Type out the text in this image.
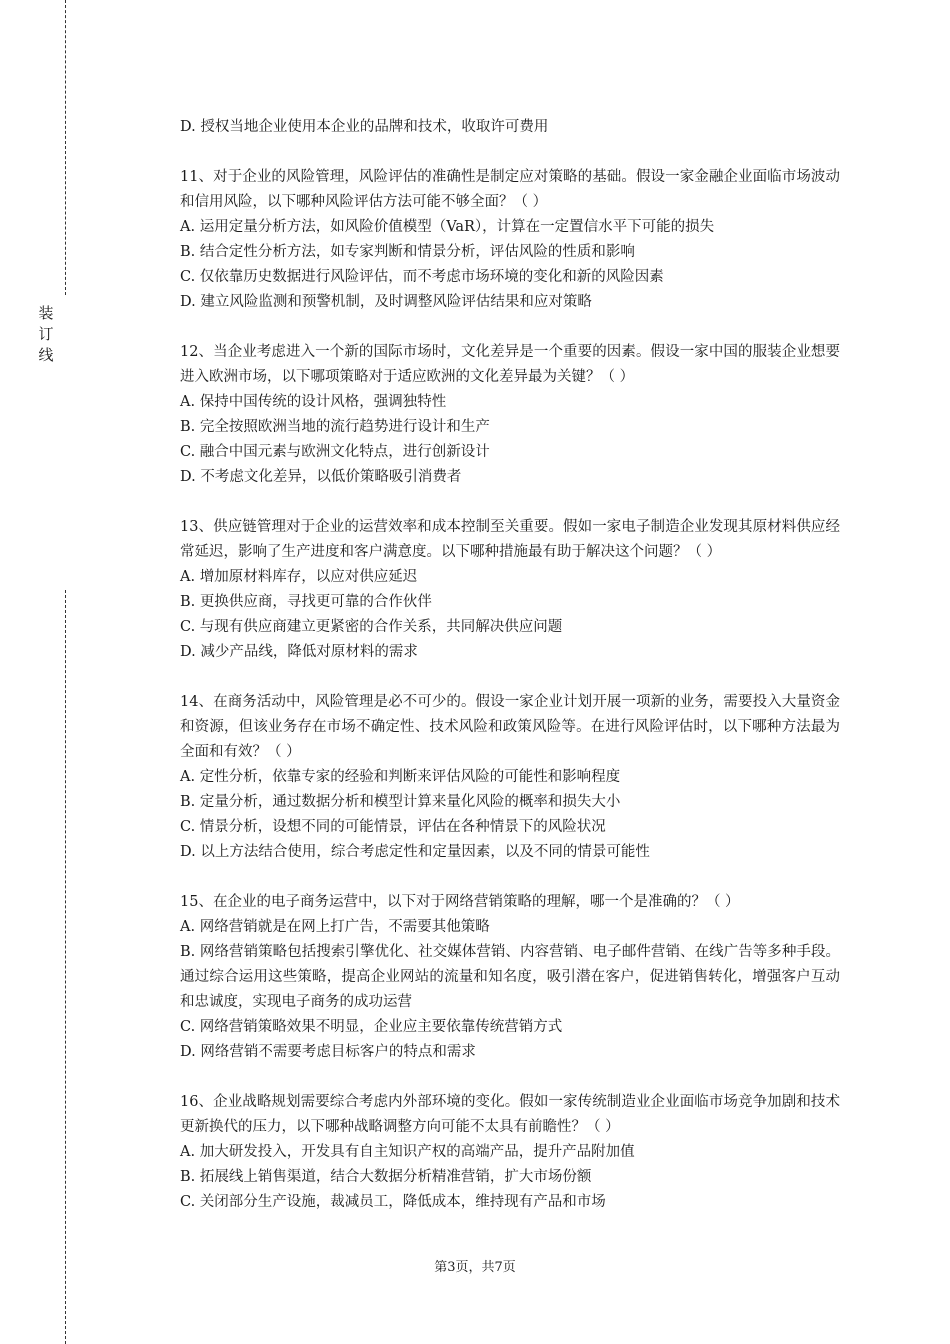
装
订
线
D. 授权当地企业使用本企业的品牌和技术，收取许可费用
11、对于企业的风险管理，风险评估的准确性是制定应对策略的基础。假设一家金融企业面临市场波动和信用风险，以下哪种风险评估方法可能不够全面？（ ）
A. 运用定量分析方法，如风险价值模型（VaR），计算在一定置信水平下可能的损失
B. 结合定性分析方法，如专家判断和情景分析，评估风险的性质和影响
C. 仅依靠历史数据进行风险评估，而不考虑市场环境的变化和新的风险因素
D. 建立风险监测和预警机制，及时调整风险评估结果和应对策略
12、当企业考虑进入一个新的国际市场时，文化差异是一个重要的因素。假设一家中国的服装企业想要进入欧洲市场，以下哪项策略对于适应欧洲的文化差异最为关键？（ ）
A. 保持中国传统的设计风格，强调独特性
B. 完全按照欧洲当地的流行趋势进行设计和生产
C. 融合中国元素与欧洲文化特点，进行创新设计
D. 不考虑文化差异，以低价策略吸引消费者
13、供应链管理对于企业的运营效率和成本控制至关重要。假如一家电子制造企业发现其原材料供应经常延迟，影响了生产进度和客户满意度。以下哪种措施最有助于解决这个问题？（ ）
A. 增加原材料库存，以应对供应延迟
B. 更换供应商，寻找更可靠的合作伙伴
C. 与现有供应商建立更紧密的合作关系，共同解决供应问题
D. 减少产品线，降低对原材料的需求
14、在商务活动中，风险管理是必不可少的。假设一家企业计划开展一项新的业务，需要投入大量资金和资源，但该业务存在市场不确定性、技术风险和政策风险等。在进行风险评估时，以下哪种方法最为全面和有效？（ ）
A. 定性分析，依靠专家的经验和判断来评估风险的可能性和影响程度
B. 定量分析，通过数据分析和模型计算来量化风险的概率和损失大小
C. 情景分析，设想不同的可能情景，评估在各种情景下的风险状况
D. 以上方法结合使用，综合考虑定性和定量因素，以及不同的情景可能性
15、在企业的电子商务运营中，以下对于网络营销策略的理解，哪一个是准确的？（ ）
A. 网络营销就是在网上打广告，不需要其他策略
B. 网络营销策略包括搜索引擎优化、社交媒体营销、内容营销、电子邮件营销、在线广告等多种手段。通过综合运用这些策略，提高企业网站的流量和知名度，吸引潜在客户，促进销售转化，增强客户互动和忠诚度，实现电子商务的成功运营
C. 网络营销策略效果不明显，企业应主要依靠传统营销方式
D. 网络营销不需要考虑目标客户的特点和需求
16、企业战略规划需要综合考虑内外部环境的变化。假如一家传统制造业企业面临市场竞争加剧和技术更新换代的压力，以下哪种战略调整方向可能不太具有前瞻性？（ ）
A. 加大研发投入，开发具有自主知识产权的高端产品，提升产品附加值
B. 拓展线上销售渠道，结合大数据分析精准营销，扩大市场份额
C. 关闭部分生产设施，裁减员工，降低成本，维持现有产品和市场
第3页，共7页
